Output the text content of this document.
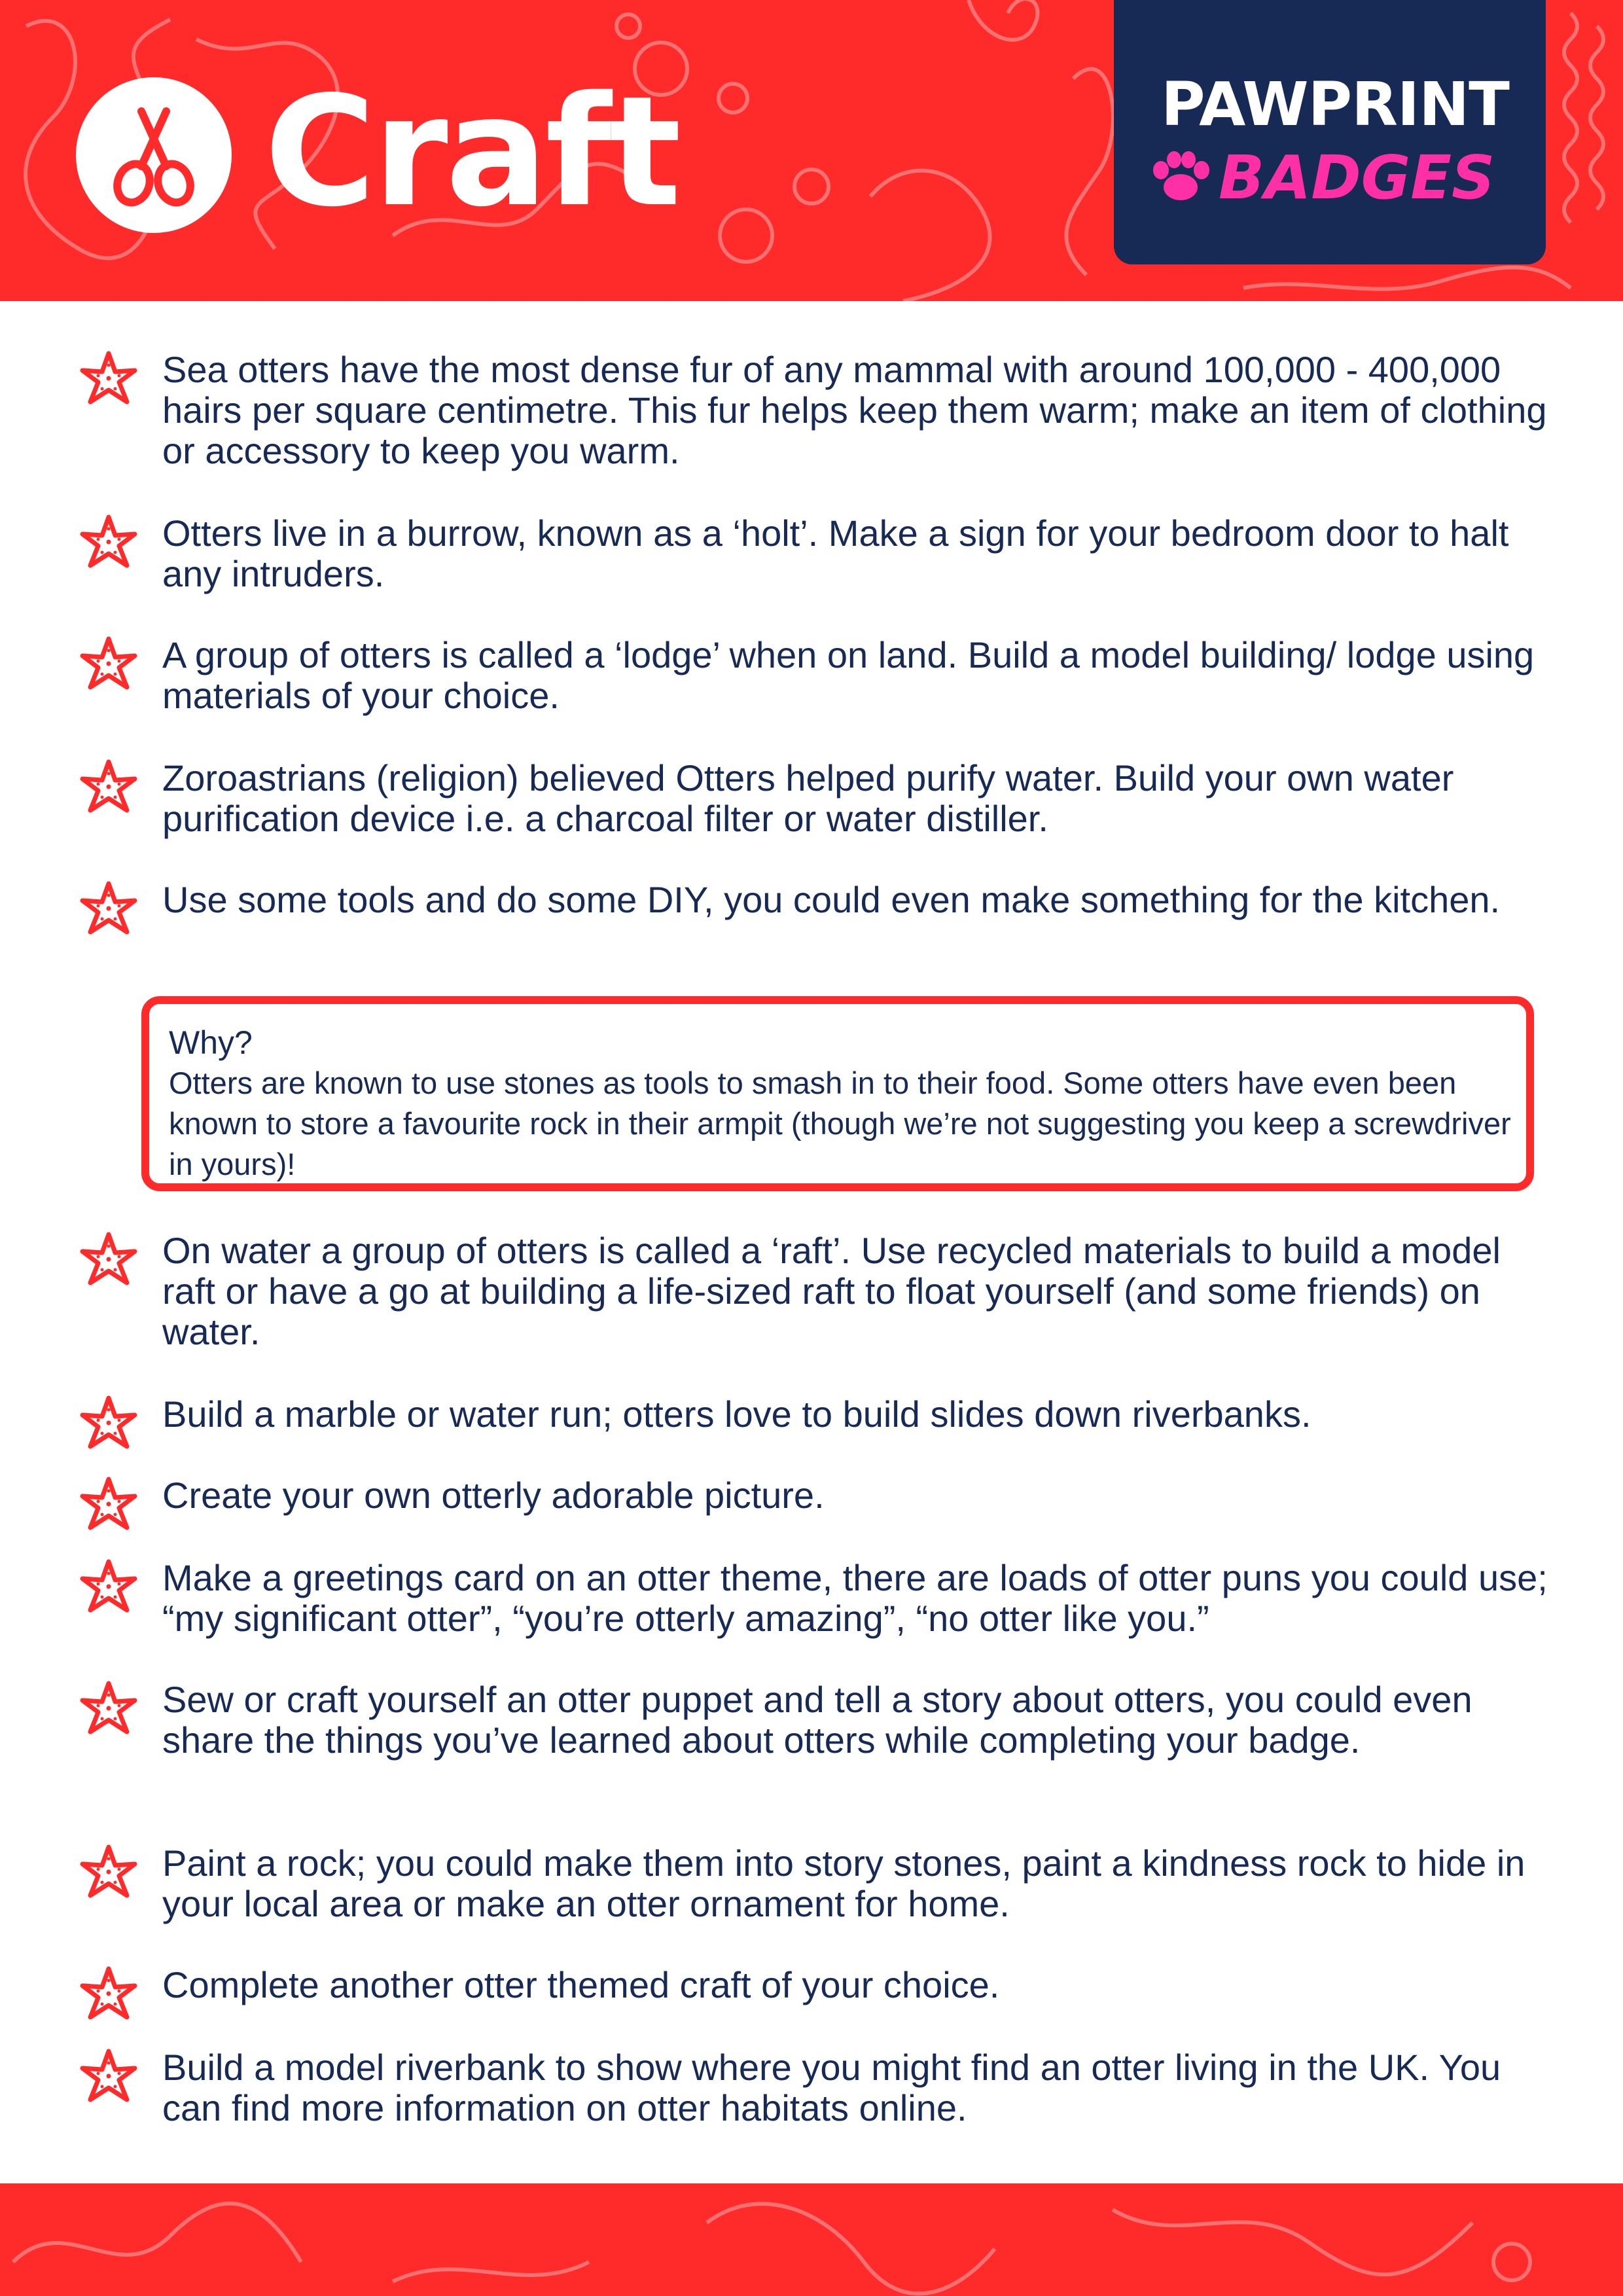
Craft	PAWPRINT
BADGES
Sea otters have the most dense fur of any mammal with around 100,000 - 400,000 hairs per square centimetre. This fur helps keep them warm; make an item of clothing or accessory to keep you warm.
Otters live in a burrow, known as a ‘holt’. Make a sign for your bedroom door to halt any intruders.
A group of otters is called a ‘lodge’ when on land. Build a model building/ lodge using materials of your choice.
Zoroastrians (religion) believed Otters helped purify water. Build your own water purification device i.e. a charcoal filter or water distiller.
Use some tools and do some DIY, you could even make something for the kitchen.
Why?
Otters are known to use stones as tools to smash in to their food. Some otters have even been known to store a favourite rock in their armpit (though we’re not suggesting you keep a screwdriver in yours)!
On water a group of otters is called a ‘raft’. Use recycled materials to build a model raft or have a go at building a life-sized raft to float yourself (and some friends) on water.
Build a marble or water run; otters love to build slides down riverbanks.
Create your own otterly adorable picture.
Make a greetings card on an otter theme, there are loads of otter puns you could use; “my significant otter”, “you’re otterly amazing”, “no otter like you.”
Sew or craft yourself an otter puppet and tell a story about otters, you could even share the things you’ve learned about otters while completing your badge.
Paint a rock; you could make them into story stones, paint a kindness rock to hide in your local area or make an otter ornament for home.
Complete another otter themed craft of your choice.
Build a model riverbank to show where you might find an otter living in the UK. You can find more information on otter habitats online.
